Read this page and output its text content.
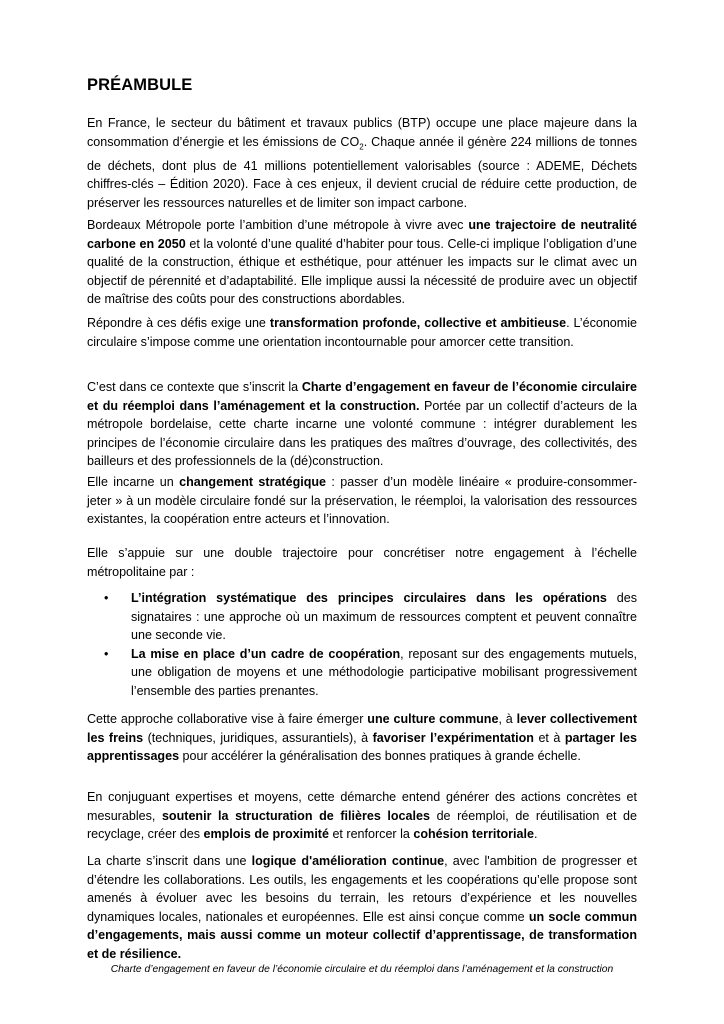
PRÉAMBULE

En France, le secteur du bâtiment et travaux publics (BTP) occupe une place majeure dans la consommation d’énergie et les émissions de $CO_2$. Chaque année il génère 224 millions de tonnes de déchets, dont plus de 41 millions potentiellement valorisables (source : ADEME, Déchets chiffres-clés – Édition 2020). Face à ces enjeux, il devient crucial de réduire cette production, de préserver les ressources naturelles et de limiter son impact carbone.

Bordeaux Métropole porte l’ambition d’une métropole à vivre avec une trajectoire de neutralité carbone en 2050 et la volonté d’une qualité d’habiter pour tous. Celle-ci implique l’obligation d’une qualité de la construction, éthique et esthétique, pour atténuer les impacts sur le climat avec un objectif de pérennité et d’adaptabilité. Elle implique aussi la nécessité de produire avec un objectif de maîtrise des coûts pour des constructions abordables.

Répondre à ces défis exige une transformation profonde, collective et ambitieuse. L’économie circulaire s’impose comme une orientation incontournable pour amorcer cette transition.

C’est dans ce contexte que s’inscrit la Charte d’engagement en faveur de l’économie circulaire et du réemploi dans l’aménagement et la construction. Portée par un collectif d’acteurs de la métropole bordelaise, cette charte incarne une volonté commune : intégrer durablement les principes de l’économie circulaire dans les pratiques des maîtres d’ouvrage, des collectivités, des bailleurs et des professionnels de la (dé)construction.

Elle incarne un changement stratégique : passer d’un modèle linéaire « produire-consommer-jeter » à un modèle circulaire fondé sur la préservation, le réemploi, la valorisation des ressources existantes, la coopération entre acteurs et l’innovation.

Elle s’appuie sur une double trajectoire pour concrétiser notre engagement à l’échelle métropolitaine par :

• L’intégration systématique des principes circulaires dans les opérations des signataires : une approche où un maximum de ressources comptent et peuvent connaître une seconde vie.
• La mise en place d’un cadre de coopération, reposant sur des engagements mutuels, une obligation de moyens et une méthodologie participative mobilisant progressivement l’ensemble des parties prenantes.

Cette approche collaborative vise à faire émerger une culture commune, à lever collectivement les freins (techniques, juridiques, assurantiels), à favoriser l’expérimentation et à partager les apprentissages pour accélérer la généralisation des bonnes pratiques à grande échelle.

En conjuguant expertises et moyens, cette démarche entend générer des actions concrètes et mesurables, soutenir la structuration de filières locales de réemploi, de réutilisation et de recyclage, créer des emplois de proximité et renforcer la cohésion territoriale.

La charte s’inscrit dans une logique d'amélioration continue, avec l'ambition de progresser et d’étendre les collaborations. Les outils, les engagements et les coopérations qu’elle propose sont amenés à évoluer avec les besoins du terrain, les retours d’expérience et les nouvelles dynamiques locales, nationales et européennes. Elle est ainsi conçue comme un socle commun d’engagements, mais aussi comme un moteur collectif d’apprentissage, de transformation et de résilience.

Charte d’engagement en faveur de l’économie circulaire et du réemploi dans l’aménagement et la construction
